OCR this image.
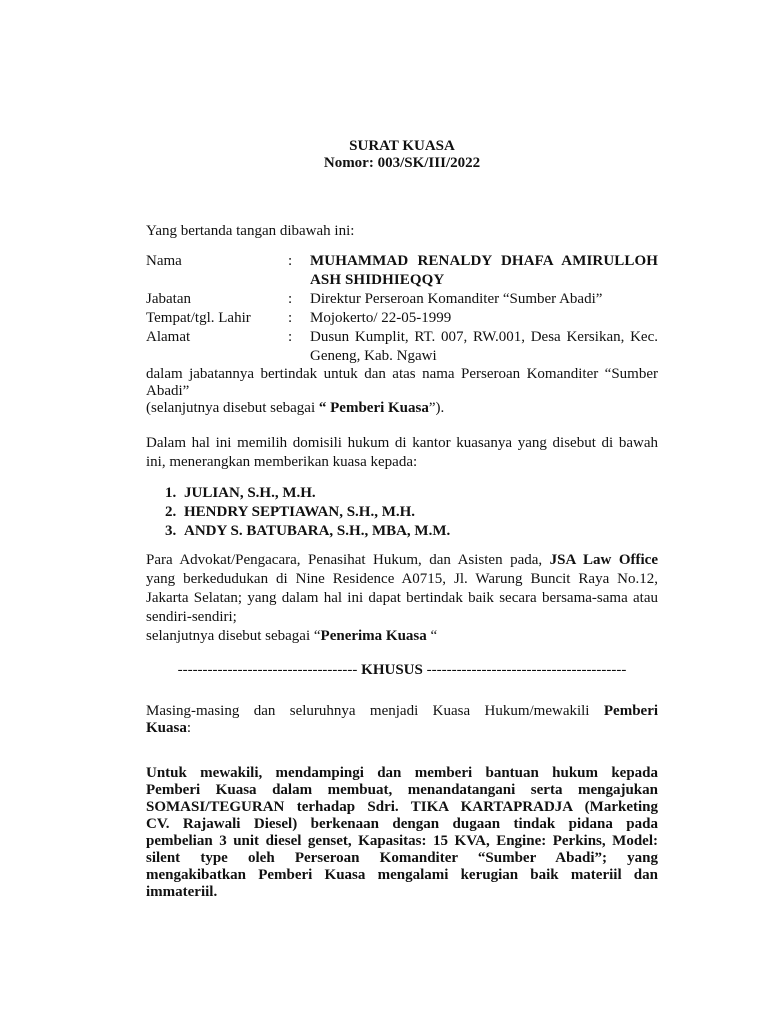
SURAT KUASA
Nomor: 003/SK/III/2022

Yang bertanda tangan dibawah ini:

Nama	:	MUHAMMAD RENALDY DHAFA AMIRULLOH ASH SHIDHIEQQY
Jabatan	:	Direktur Perseroan Komanditer “Sumber Abadi”
Tempat/tgl. Lahir	:	Mojokerto/ 22-05-1999
Alamat	:	Dusun Kumplit, RT. 007, RW.001, Desa Kersikan, Kec. Geneng, Kab. Ngawi
dalam jabatannya bertindak untuk dan atas nama Perseroan Komanditer “Sumber
Abadi”
(selanjutnya disebut sebagai “ Pemberi Kuasa”).
Dalam hal ini memilih domisili hukum di kantor kuasanya yang disebut di bawah
ini, menerangkan memberikan kuasa kepada:
1. JULIAN, S.H., M.H.
2. HENDRY SEPTIAWAN, S.H., M.H.
3. ANDY S. BATUBARA, S.H., MBA, M.M.
Para Advokat/Pengacara, Penasihat Hukum, dan Asisten pada, JSA Law Office
yang berkedudukan di Nine Residence A0715, Jl. Warung Buncit Raya No.12,
Jakarta Selatan; yang dalam hal ini dapat bertindak baik secara bersama-sama atau
sendiri-sendiri;
selanjutnya disebut sebagai “Penerima Kuasa “
------------------------------------ KHUSUS ----------------------------------------
Masing-masing dan seluruhnya menjadi Kuasa Hukum/mewakili Pemberi
Kuasa:
Untuk mewakili, mendampingi dan memberi bantuan hukum kepada
Pemberi Kuasa dalam membuat, menandatangani serta mengajukan
SOMASI/TEGURAN terhadap Sdri. TIKA KARTAPRADJA (Marketing
CV. Rajawali Diesel) berkenaan dengan dugaan tindak pidana pada
pembelian 3 unit diesel genset, Kapasitas: 15 KVA, Engine: Perkins, Model:
silent type oleh Perseroan Komanditer “Sumber Abadi”; yang
mengakibatkan Pemberi Kuasa mengalami kerugian baik materiil dan
immateriil.
